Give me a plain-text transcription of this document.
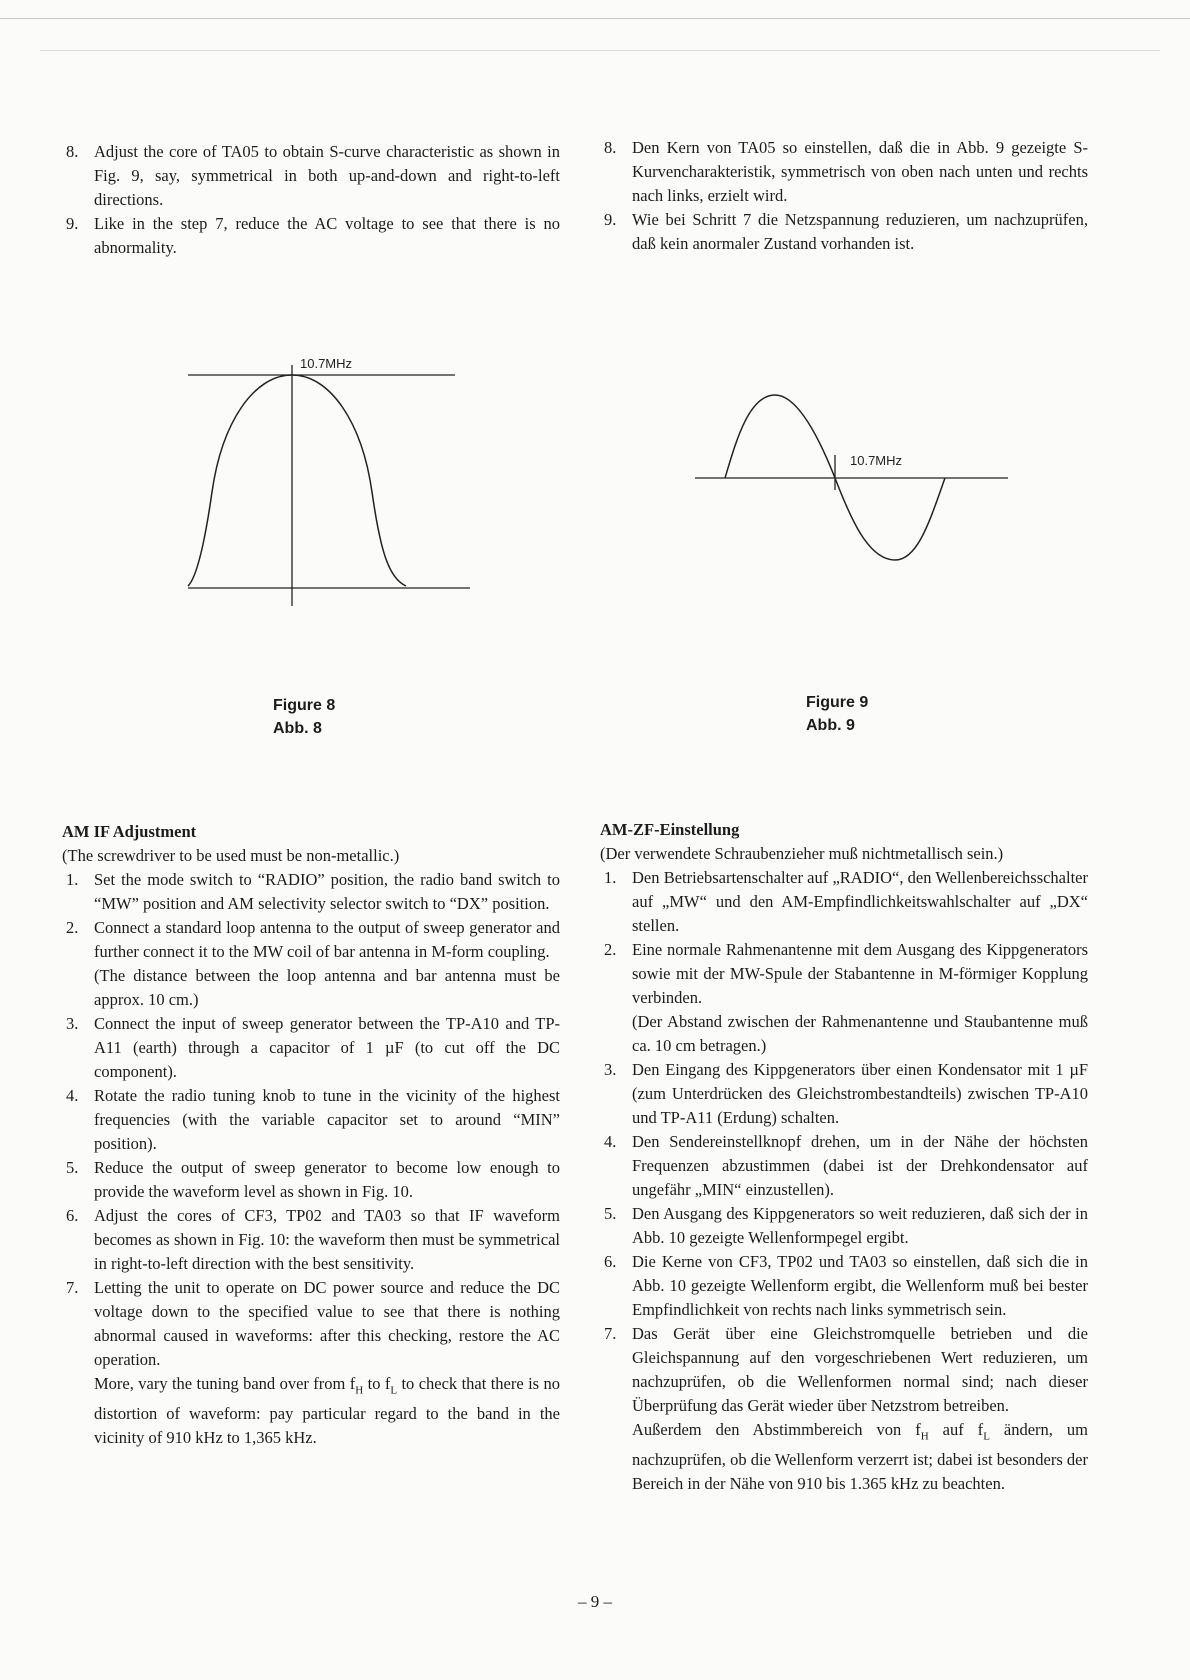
8. Adjust the core of TA05 to obtain S-curve characteristic as shown in Fig. 9, say, symmetrical in both up-and-down and right-to-left directions.
9. Like in the step 7, reduce the AC voltage to see that there is no abnormality.
8. Den Kern von TA05 so einstellen, daß die in Abb. 9 gezeigte S-Kurvencharakteristik, symmetrisch von oben nach unten und rechts nach links, erzielt wird.
9. Wie bei Schritt 7 die Netzspannung reduzieren, um nachzuprüfen, daß kein anormaler Zustand vorhanden ist.
10.7MHz
Figure 8
Abb. 8
10.7MHz
Figure 9
Abb. 9
AM IF Adjustment
(The screwdriver to be used must be non-metallic.)
1. Set the mode switch to “RADIO” position, the radio band switch to “MW” position and AM selectivity selector switch to “DX” position.
2. Connect a standard loop antenna to the output of sweep generator and further connect it to the MW coil of bar antenna in M-form coupling.
(The distance between the loop antenna and bar antenna must be approx. 10 cm.)
3. Connect the input of sweep generator between the TP-A10 and TP-A11 (earth) through a capacitor of 1 µF (to cut off the DC component).
4. Rotate the radio tuning knob to tune in the vicinity of the highest frequencies (with the variable capacitor set to around “MIN” position).
5. Reduce the output of sweep generator to become low enough to provide the waveform level as shown in Fig. 10.
6. Adjust the cores of CF3, TP02 and TA03 so that IF waveform becomes as shown in Fig. 10: the waveform then must be symmetrical in right-to-left direction with the best sensitivity.
7. Letting the unit to operate on DC power source and reduce the DC voltage down to the specified value to see that there is nothing abnormal caused in waveforms: after this checking, restore the AC operation.
More, vary the tuning band over from $f_H$ to $f_L$ to check that there is no distortion of waveform: pay particular regard to the band in the vicinity of 910 kHz to 1,365 kHz.
AM-ZF-Einstellung
(Der verwendete Schraubenzieher muß nichtmetallisch sein.)
1. Den Betriebsartenschalter auf „RADIO“, den Wellenbereichsschalter auf „MW“ und den AM-Empfindlichkeitswahlschalter auf „DX“ stellen.
2. Eine normale Rahmenantenne mit dem Ausgang des Kippgenerators sowie mit der MW-Spule der Stabantenne in M-förmiger Kopplung verbinden.
(Der Abstand zwischen der Rahmenantenne und Staubantenne muß ca. 10 cm betragen.)
3. Den Eingang des Kippgenerators über einen Kondensator mit 1 µF (zum Unterdrücken des Gleichstrombestandteils) zwischen TP-A10 und TP-A11 (Erdung) schalten.
4. Den Sendereinstellknopf drehen, um in der Nähe der höchsten Frequenzen abzustimmen (dabei ist der Drehkondensator auf ungefähr „MIN“ einzustellen).
5. Den Ausgang des Kippgenerators so weit reduzieren, daß sich der in Abb. 10 gezeigte Wellenformpegel ergibt.
6. Die Kerne von CF3, TP02 und TA03 so einstellen, daß sich die in Abb. 10 gezeigte Wellenform ergibt, die Wellenform muß bei bester Empfindlichkeit von rechts nach links symmetrisch sein.
7. Das Gerät über eine Gleichstromquelle betrieben und die Gleichspannung auf den vorgeschriebenen Wert reduzieren, um nachzuprüfen, ob die Wellenformen normal sind; nach dieser Überprüfung das Gerät wieder über Netzstrom betreiben.
Außerdem den Abstimmbereich von $f_H$ auf $f_L$ ändern, um nachzuprüfen, ob die Wellenform verzerrt ist; dabei ist besonders der Bereich in der Nähe von 910 bis 1.365 kHz zu beachten.
– 9 –
